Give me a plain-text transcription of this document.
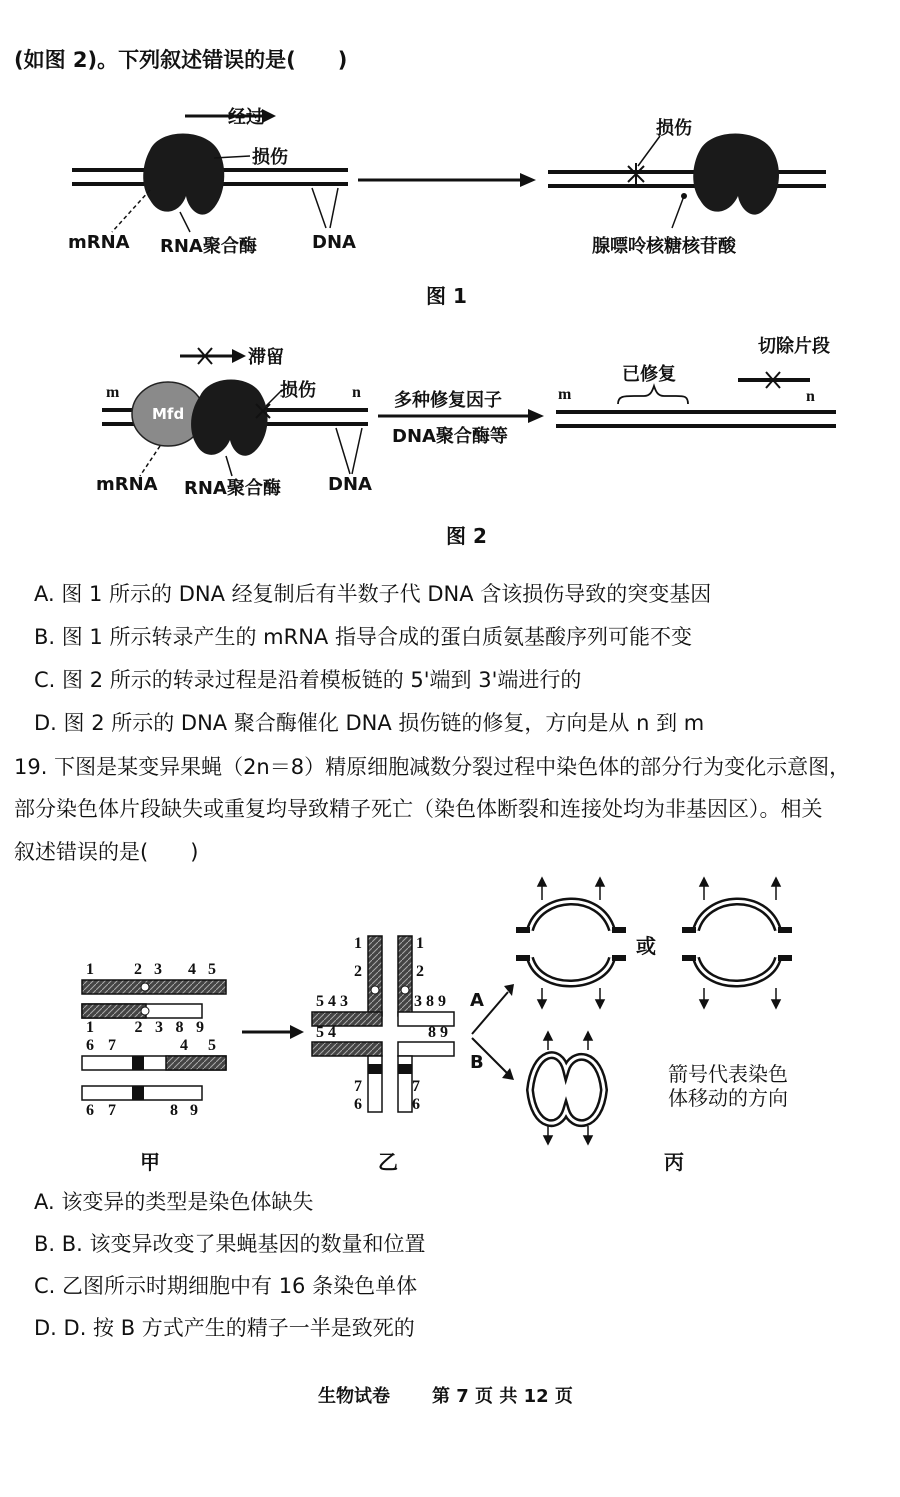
(如图 2)。下列叙述错误的是(　　)
经过
损伤
mRNA RNA聚合酶	DNA
损伤
腺嘌呤核糖核苷酸
图 1
滞留
损伤
m	n
Mfd
多种修复因子
DNA聚合酶等
m	n
已修复
切除片段
mRNA RNA聚合酶	DNA
图 2
A. 图 1 所示的 DNA 经复制后有半数子代 DNA 含该损伤导致的突变基因
B. 图 1 所示转录产生的 mRNA 指导合成的蛋白质氨基酸序列可能不变
C. 图 2 所示的转录过程是沿着模板链的 5'端到 3'端进行的
D. 图 2 所示的 DNA 聚合酶催化 DNA 损伤链的修复，方向是从 n 到 m
19. 下图是某变异果蝇（2n＝8）精原细胞减数分裂过程中染色体的部分行为变化示意图，
部分染色体片段缺失或重复均导致精子死亡（染色体断裂和连接处均为非基因区）。相关
叙述错误的是(　　)
1	2 3 4 5
1	2 3 8 9
6 7	4 5
6 7	8 9
甲
1
2
1
2
5 4 3	3 8 9
5 4	8 9
7
6
7
6
乙
A
B
或
箭号代表染色
体移动的方向
丙
A. 该变异的类型是染色体缺失
B. B. 该变异改变了果蝇基因的数量和位置
C. 乙图所示时期细胞中有 16 条染色单体
D. D. 按 B 方式产生的精子一半是致死的
生物试卷 第 7 页 共 12 页
